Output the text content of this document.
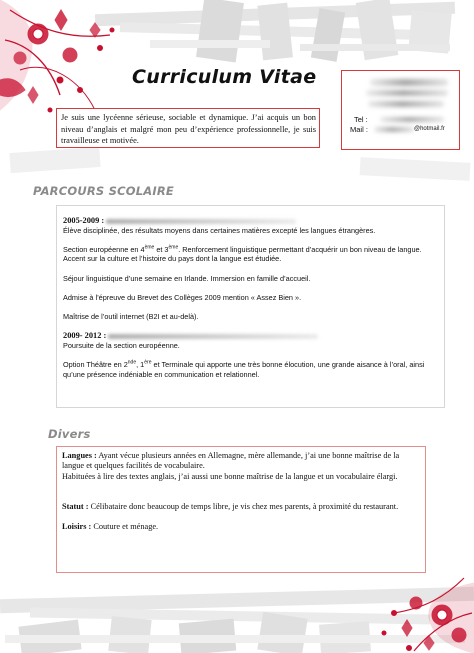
Curriculum Vitae
Je suis une lycéenne sérieuse, sociable et dynamique. J’ai acquis un bon niveau d’anglais et malgré mon peu d’expérience professionnelle, je suis travailleuse et motivée.
Tel :
Mail :	@hotmail.fr
PARCOURS SCOLAIRE

2005-2009 :

Élève disciplinée, des résultats moyens dans certaines matières excepté les langues étrangères.

Section européenne en 4ème et 3ème. Renforcement linguistique permettant d’acquérir un bon niveau de langue. Accent sur la culture et l’histoire du pays dont la langue est étudiée.

Séjour linguistique d’une semaine en Irlande. Immersion en famille d’accueil.

Admise à l’épreuve du Brevet des Collèges 2009 mention « Assez Bien ».

Maîtrise de l’outil internet (B2I et au-delà).

2009- 2012 :

Poursuite de la section européenne.

Option Théâtre en 2nde, 1ère et Terminale qui apporte une très bonne élocution, une grande aisance à l’oral, ainsi qu’une présence indéniable en communication et relationnel.

Divers

Langues : Ayant vécue plusieurs années en Allemagne, mère allemande, j’ai une bonne maîtrise de la langue et quelques facilités de vocabulaire.

Habituées à lire des textes anglais, j’ai aussi une bonne maîtrise de la langue et un vocabulaire élargi.

Statut : Célibataire donc beaucoup de temps libre, je vis chez mes parents, à proximité du restaurant.

Loisirs : Couture et ménage.
